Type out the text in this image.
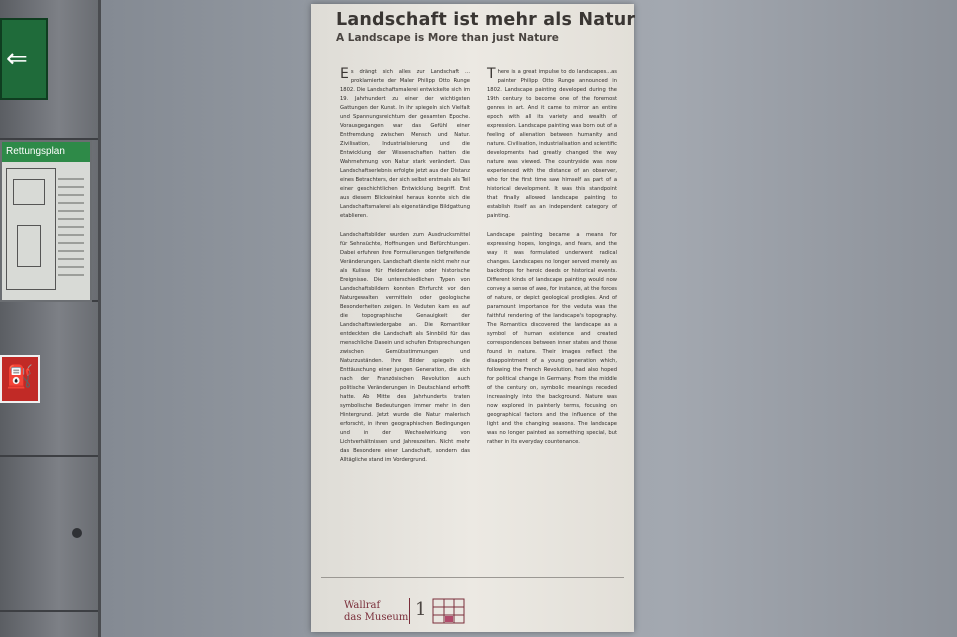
⇐
Rettungsplan
⛽
Landschaft ist mehr als Natur
A Landscape is More than just Nature

Es drängt sich alles zur Landschaft ... proklamierte der Maler Philipp Otto Runge 1802. Die Landschaftsmalerei entwickelte sich im 19. Jahrhundert zu einer der wichtigsten Gattungen der Kunst. In ihr spiegeln sich Vielfalt und Spannungsreichtum der gesamten Epoche. Vorausgegangen war das Gefühl einer Entfremdung zwischen Mensch und Natur. Zivilisation, Industrialisierung und die Entwicklung der Wissenschaften hatten die Wahrnehmung von Natur stark verändert. Das Landschaftserlebnis erfolgte jetzt aus der Distanz eines Betrachters, der sich selbst erstmals als Teil einer geschichtlichen Entwicklung begriff. Erst aus diesem Blickwinkel heraus konnte sich die Landschaftsmalerei als eigenständige Bildgattung etablieren.

Landschaftsbilder wurden zum Ausdrucksmittel für Sehnsüchte, Hoffnungen und Befürchtungen. Dabei erfuhren ihre Formulierungen tiefgreifende Veränderungen. Landschaft diente nicht mehr nur als Kulisse für Heldentaten oder historische Ereignisse. Die unterschiedlichen Typen von Landschaftsbildern konnten Ehrfurcht vor den Naturgewalten vermitteln oder geologische Besonderheiten zeigen. In Veduten kam es auf die topographische Genauigkeit der Landschaftswiedergabe an. Die Romantiker entdeckten die Landschaft als Sinnbild für das menschliche Dasein und schufen Entsprechungen zwischen Gemütsstimmungen und Naturzuständen. Ihre Bilder spiegeln die Enttäuschung einer jungen Generation, die sich nach der Französischen Revolution auch politische Veränderungen in Deutschland erhofft hatte. Ab Mitte des Jahrhunderts traten symbolische Bedeutungen immer mehr in den Hintergrund. Jetzt wurde die Natur malerisch erforscht, in ihren geographischen Bedingungen und in der Wechselwirkung von Lichtverhältnissen und Jahreszeiten. Nicht mehr das Besondere einer Landschaft, sondern das Alltägliche stand im Vordergrund.

There is a great impulse to do landscapes...as painter Philipp Otto Runge announced in 1802. Landscape painting developed during the 19th century to become one of the foremost genres in art. And it came to mirror an entire epoch with all its variety and wealth of expression. Landscape painting was born out of a feeling of alienation between humanity and nature. Civilisation, industrialisation and scientific developments had greatly changed the way nature was viewed. The countryside was now experienced with the distance of an observer, who for the first time saw himself as part of a historical development. It was this standpoint that finally allowed landscape painting to establish itself as an independent category of painting.

Landscape painting became a means for expressing hopes, longings, and fears, and the way it was formulated underwent radical changes. Landscapes no longer served merely as backdrops for heroic deeds or historical events. Different kinds of landscape painting would now convey a sense of awe, for instance, at the forces of nature, or depict geological prodigies. And of paramount importance for the veduta was the faithful rendering of the landscape's topography. The Romantics discovered the landscape as a symbol of human existence and created correspondences between inner states and those found in nature. Their images reflect the disappointment of a young generation which, following the French Revolution, had also hoped for political change in Germany. From the middle of the century on, symbolic meanings receded increasingly into the background. Nature was now explored in painterly terms, focusing on geographical factors and the influence of the light and the changing seasons. The landscape was no longer painted as something special, but rather in its everyday countenance.

Wallraf
das Museum 1
